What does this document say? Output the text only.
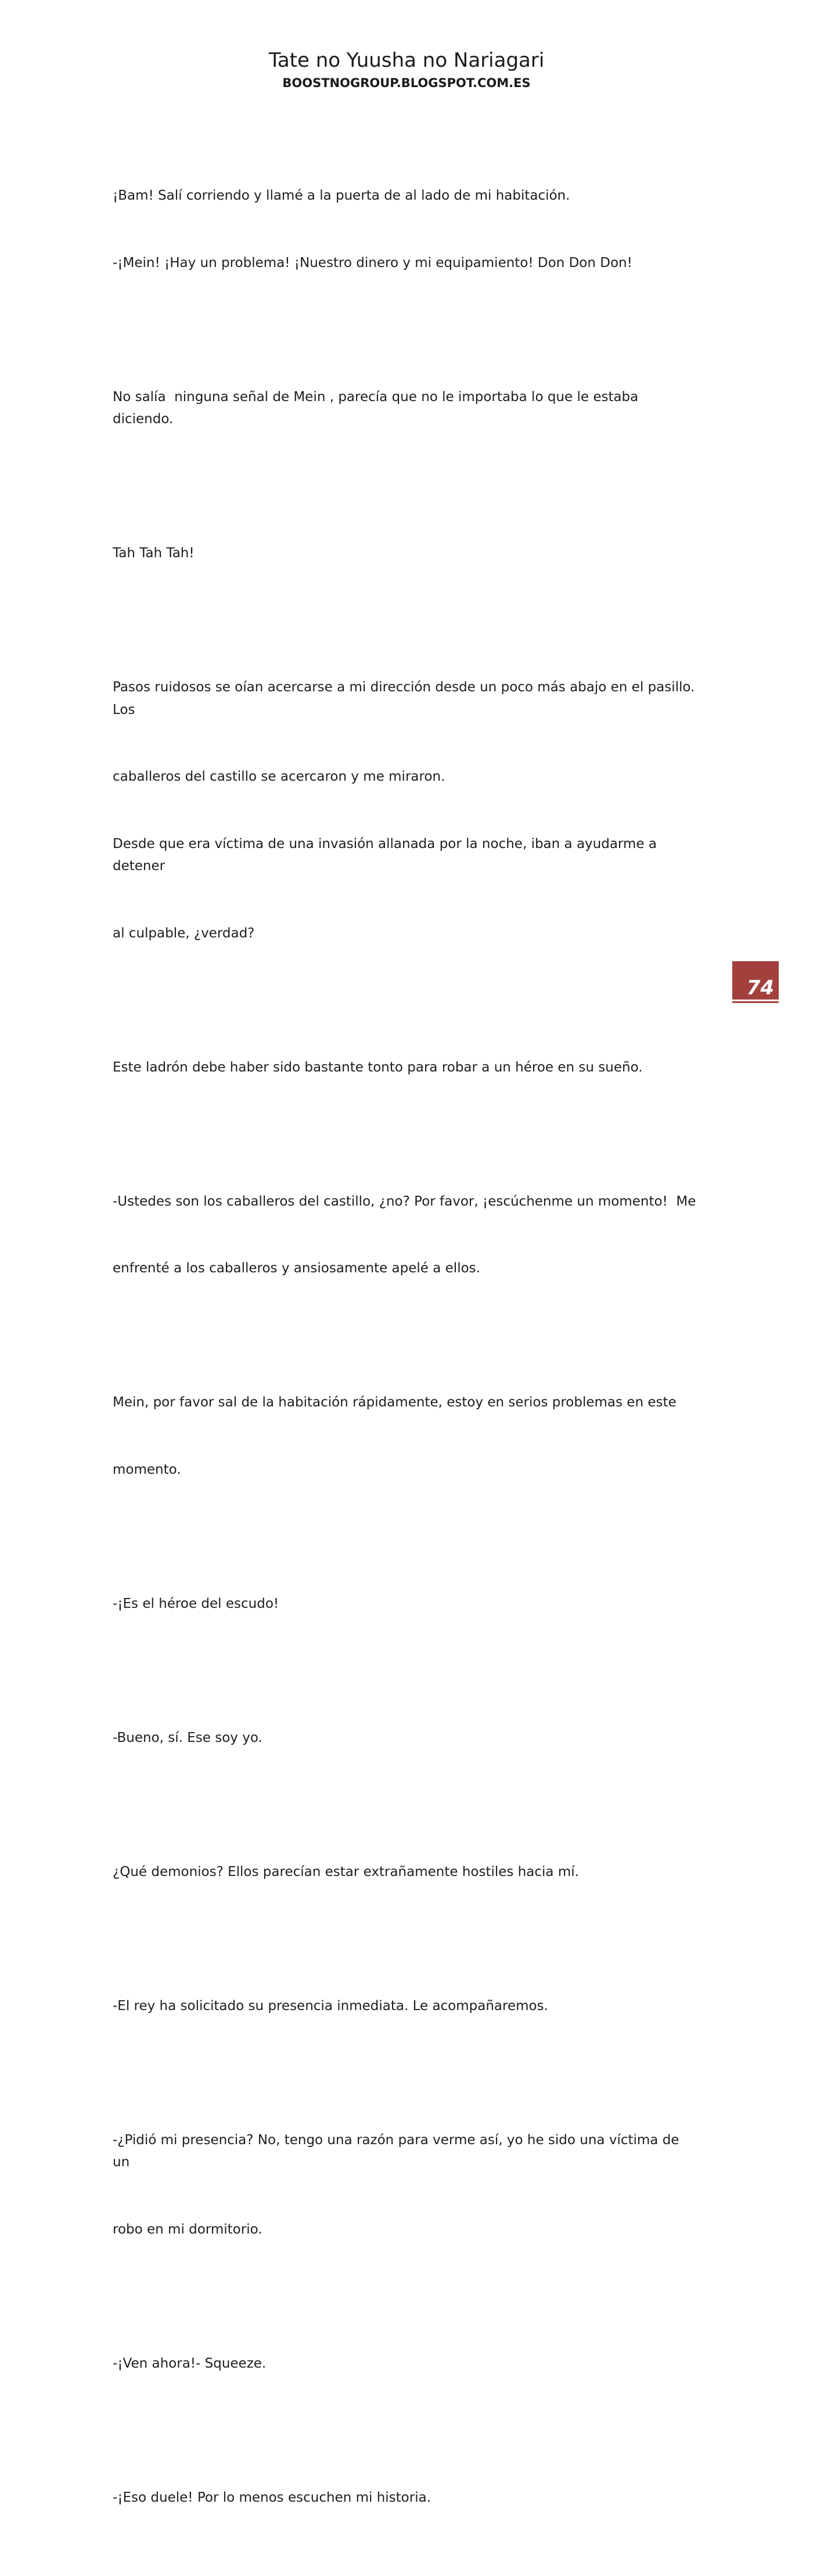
Tate no Yuusha no Nariagari
BOOSTNOGROUP.BLOGSPOT.COM.ES

¡Bam! Salí corriendo y llamé a la puerta de al lado de mi habitación.

-¡Mein! ¡Hay un problema! ¡Nuestro dinero y mi equipamiento! Don Don Don!

No salía  ninguna señal de Mein , parecía que no le importaba lo que le estaba diciendo.

Tah Tah Tah!

Pasos ruidosos se oían acercarse a mi dirección desde un poco más abajo en el pasillo. Los

caballeros del castillo se acercaron y me miraron.

Desde que era víctima de una invasión allanada por la noche, iban a ayudarme a detener

al culpable, ¿verdad?

Este ladrón debe haber sido bastante tonto para robar a un héroe en su sueño.

-Ustedes son los caballeros del castillo, ¿no? Por favor, ¡escúchenme un momento!  Me

enfrenté a los caballeros y ansiosamente apelé a ellos.

Mein, por favor sal de la habitación rápidamente, estoy en serios problemas en este

momento.

-¡Es el héroe del escudo!

-Bueno, sí. Ese soy yo.

¿Qué demonios? Ellos parecían estar extrañamente hostiles hacia mí.

-El rey ha solicitado su presencia inmediata. Le acompañaremos.

-¿Pidió mi presencia? No, tengo una razón para verme así, yo he sido una víctima de un

robo en mi dormitorio.

-¡Ven ahora!- Squeeze.

-¡Eso duele! Por lo menos escuchen mi historia.

74
